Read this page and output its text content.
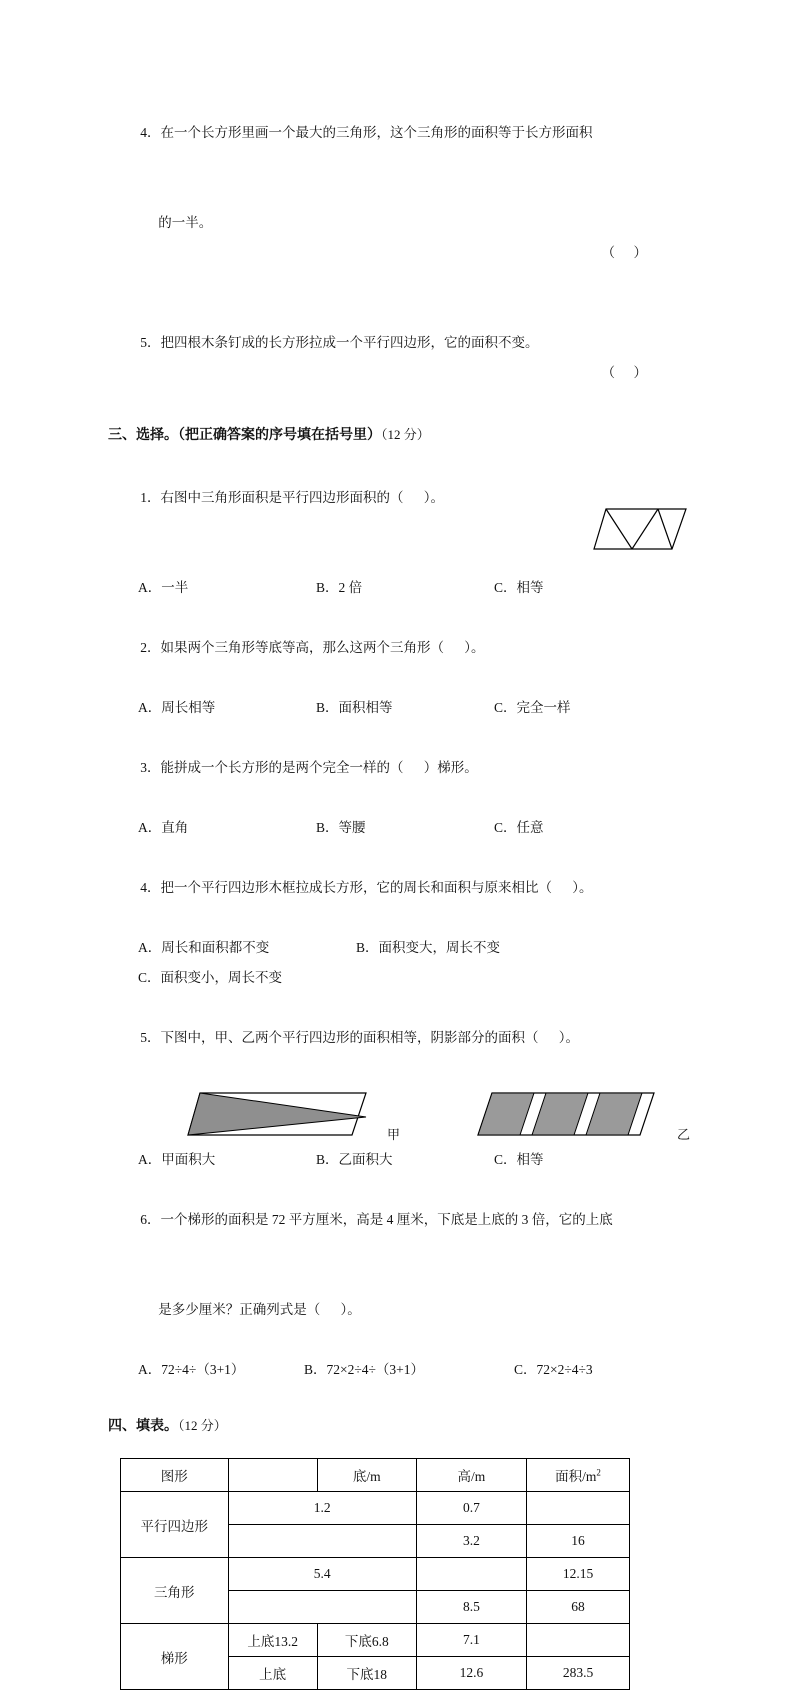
4．在一个长方形里画一个最大的三角形，这个三角形的面积等于长方形面积

的一半。

（    ）

5．把四根木条钉成的长方形拉成一个平行四边形，它的面积不变。

（    ）

三、选择。（把正确答案的序号填在括号里）（12 分）

1．右图中三角形面积是平行四边形面积的（      ）。

A．一半	B．2 倍	C．相等

2．如果两个三角形等底等高，那么这两个三角形（      ）。

A．周长相等	B．面积相等	C．完全一样

3．能拼成一个长方形的是两个完全一样的（      ）梯形。

A．直角	B．等腰	C．任意

4．把一个平行四边形木框拉成长方形，它的周长和面积与原来相比（      ）。

A．周长和面积都不变	B．面积变大，周长不变
C．面积变小，周长不变

5．下图中，甲、乙两个平行四边形的面积相等，阴影部分的面积（      ）。

甲	乙
A．甲面积大	B．乙面积大	C．相等

6．一个梯形的面积是 72 平方厘米，高是 4 厘米，下底是上底的 3 倍，它的上底

是多少厘米？正确列式是（      ）。

A．72÷4÷（3+1）	B．72×2÷4÷（3+1）	C．72×2÷4÷3
四、填表。（12 分）
图形		底/m	高/m	面积$/m^2$
平行四边形	1.2		0.7	
			3.2	16
三角形	5.4			12.15
			8.5	68
梯形	上底13.2	下底6.8	7.1	
	上底	下底18	12.6	283.5
